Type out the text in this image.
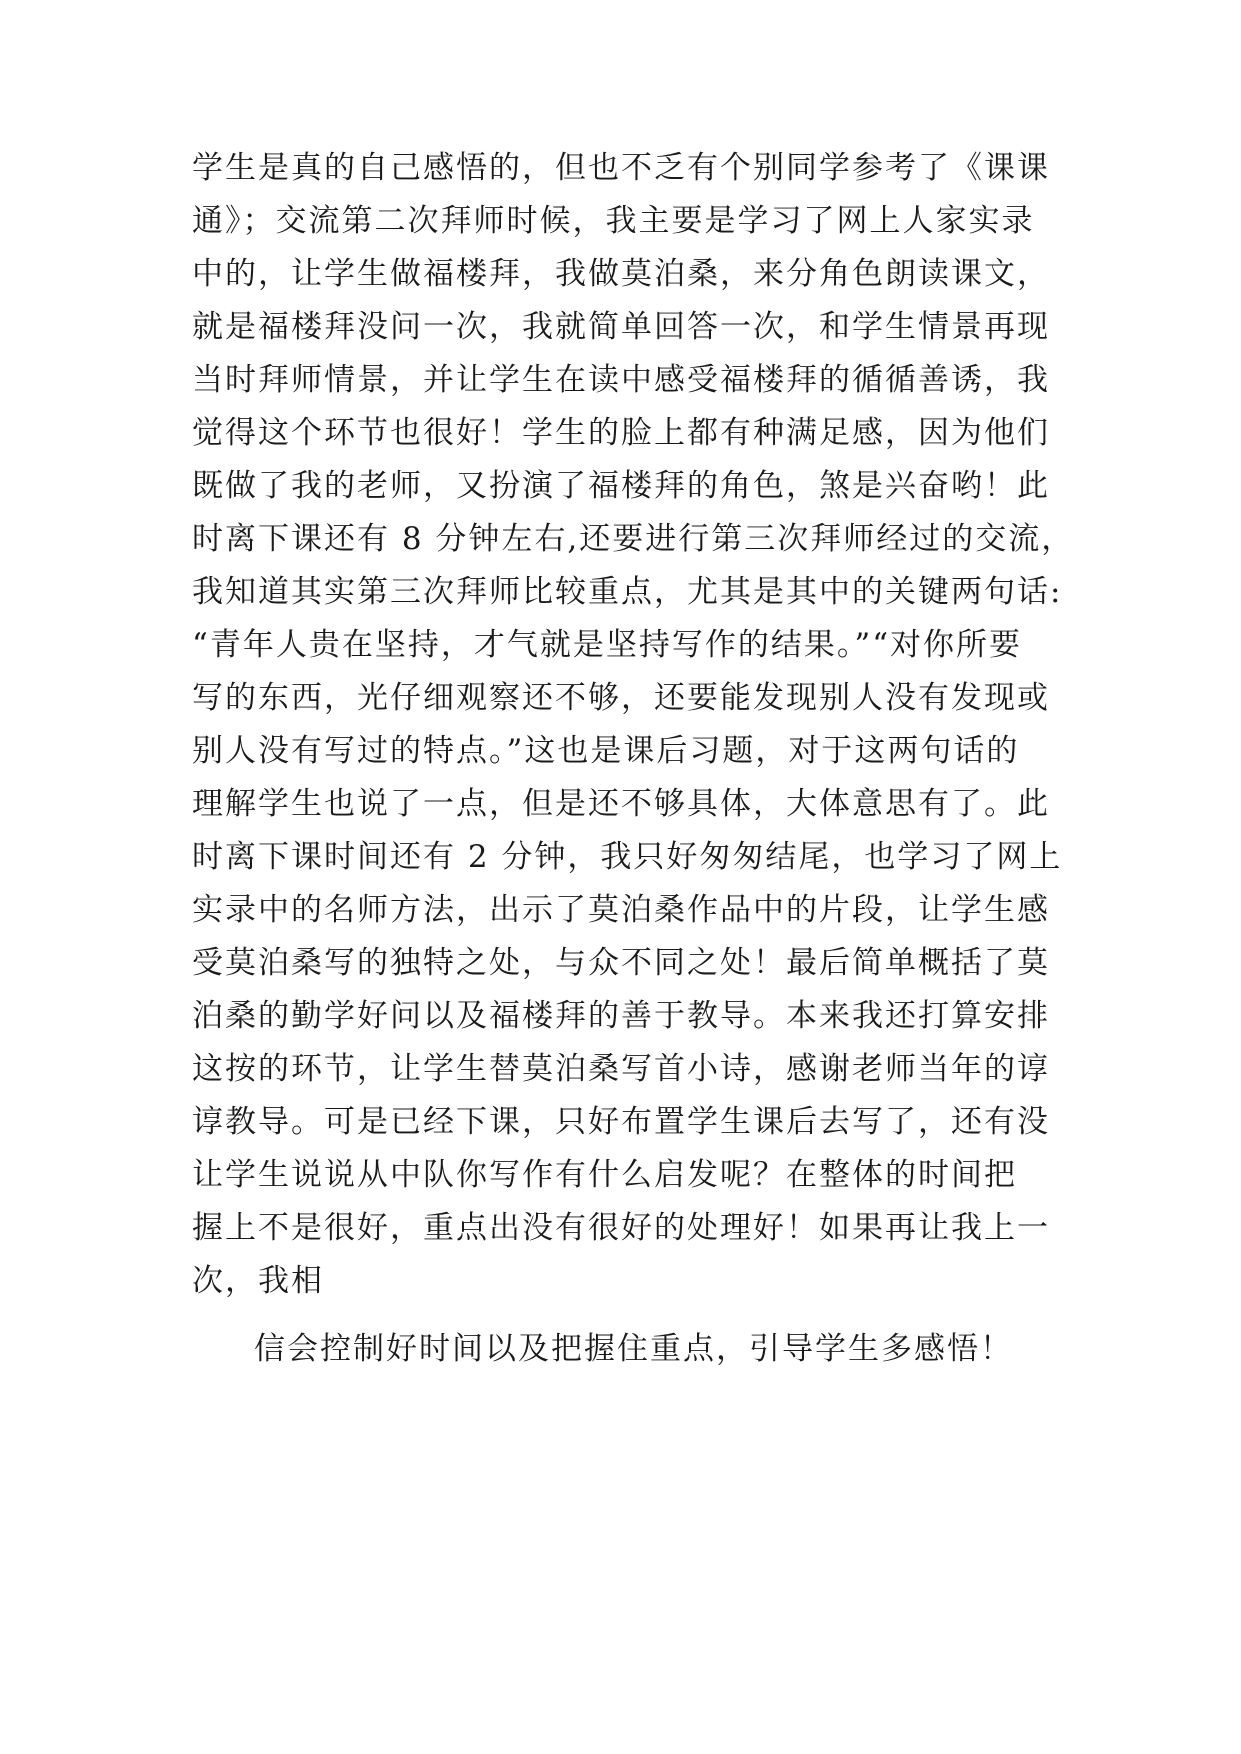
学生是真的自己感悟的，但也不乏有个别同学参考了《课课
通》；交流第二次拜师时候，我主要是学习了网上人家实录
中的，让学生做福楼拜，我做莫泊桑，来分角色朗读课文，
就是福楼拜没问一次，我就简单回答一次，和学生情景再现
当时拜师情景，并让学生在读中感受福楼拜的循循善诱，我
觉得这个环节也很好！学生的脸上都有种满足感，因为他们
既做了我的老师，又扮演了福楼拜的角色，煞是兴奋哟！此
时离下课还有 8 分钟左右,还要进行第三次拜师经过的交流，
我知道其实第三次拜师比较重点，尤其是其中的关键两句话:
“青年人贵在坚持，才气就是坚持写作的结果。”“对你所要
写的东西，光仔细观察还不够，还要能发现别人没有发现或
别人没有写过的特点。”这也是课后习题，对于这两句话的
理解学生也说了一点，但是还不够具体，大体意思有了。此
时离下课时间还有 2 分钟，我只好匆匆结尾，也学习了网上
实录中的名师方法，出示了莫泊桑作品中的片段，让学生感
受莫泊桑写的独特之处，与众不同之处！最后简单概括了莫
泊桑的勤学好问以及福楼拜的善于教导。本来我还打算安排
这按的环节，让学生替莫泊桑写首小诗，感谢老师当年的谆
谆教导。可是已经下课，只好布置学生课后去写了，还有没
让学生说说从中队你写作有什么启发呢？在整体的时间把
握上不是很好，重点出没有很好的处理好！如果再让我上一
次，我相
信会控制好时间以及把握住重点，引导学生多感悟！
